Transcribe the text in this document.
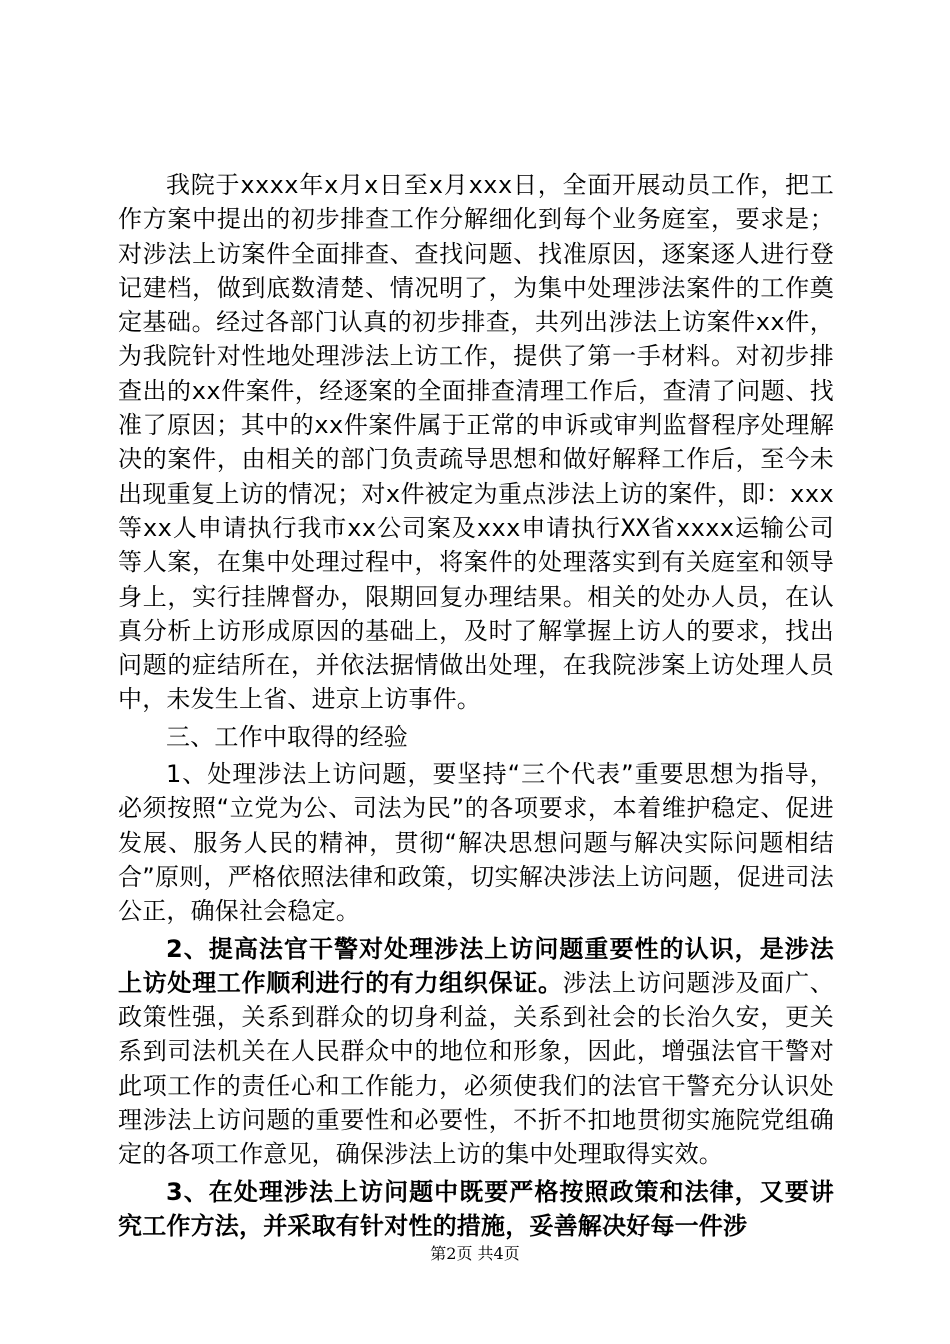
我院于xxxx年x月x日至x月xxx日，全面开展动员工作，把工作方案中提出的初步排查工作分解细化到每个业务庭室，要求是；对涉法上访案件全面排查、查找问题、找准原因，逐案逐人进行登记建档，做到底数清楚、情况明了，为集中处理涉法案件的工作奠定基础。经过各部门认真的初步排查，共列出涉法上访案件xx件，为我院针对性地处理涉法上访工作，提供了第一手材料。对初步排查出的xx件案件，经逐案的全面排查清理工作后，查清了问题、找准了原因；其中的xx件案件属于正常的申诉或审判监督程序处理解决的案件，由相关的部门负责疏导思想和做好解释工作后，至今未出现重复上访的情况；对x件被定为重点涉法上访的案件，即：xxx等xx人申请执行我市xx公司案及xxx申请执行XX省xxxx运输公司等人案，在集中处理过程中，将案件的处理落实到有关庭室和领导身上，实行挂牌督办，限期回复办理结果。相关的处办人员，在认真分析上访形成原因的基础上，及时了解掌握上访人的要求，找出问题的症结所在，并依法据情做出处理，在我院涉案上访处理人员中，未发生上省、进京上访事件。

三、工作中取得的经验

1、处理涉法上访问题，要坚持“三个代表”重要思想为指导，必须按照“立党为公、司法为民”的各项要求，本着维护稳定、促进发展、服务人民的精神，贯彻“解决思想问题与解决实际问题相结合”原则，严格依照法律和政策，切实解决涉法上访问题，促进司法公正，确保社会稳定。

2、提高法官干警对处理涉法上访问题重要性的认识，是涉法上访处理工作顺利进行的有力组织保证。涉法上访问题涉及面广、政策性强，关系到群众的切身利益，关系到社会的长治久安，更关系到司法机关在人民群众中的地位和形象，因此，增强法官干警对此项工作的责任心和工作能力，必须使我们的法官干警充分认识处理涉法上访问题的重要性和必要性，不折不扣地贯彻实施院党组确定的各项工作意见，确保涉法上访的集中处理取得实效。

3、在处理涉法上访问题中既要严格按照政策和法律，又要讲究工作方法，并采取有针对性的措施，妥善解决好每一件涉

第2页 共4页
